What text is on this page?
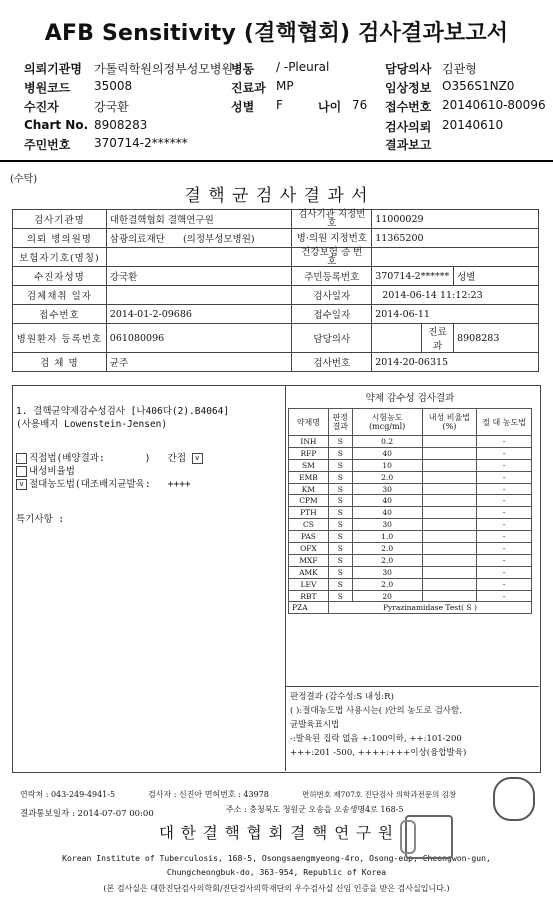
AFB Sensitivity (결핵협회) 검사결과보고서
의뢰기관명 가톨릭학원의정부성모병원
병동 / -Pleural	담당의사 김관형
병원코드 35008	진료과 MP	임상정보 O356S1NZ0
수진자	강국환	성별 F	나이 76 접수번호 20140610-80096
Chart No. 8908283	검사의뢰 20140610
주민번호 370714-2******	결과보고
(수탁)
결 핵 균 검 사 결 과 서
검사기관명	대한결핵협회 결핵연구원	검사기관 지정번호	11000029		
의뢰 병의원명	삼광의료재단 (의정부성모병원)	병·의원 지정번호	11365200		
보험자기호(명칭)		건강보험 증 번 호			
수진자성명	강국환	주민등록번호	370714-2******		성별
검체채취 일자		검사일자	2014-06-14 11:12:23		
접수번호	2014-01-2-09686	접수일자	2014-06-11		
병원환자 등록번호	061080096	담당의사		진료과	8908283
검 체 명	균주	검사번호	2014-20-06315		
1. 결핵균약제감수성검사 [나406다(2).B4064]
(사용배지 Lowenstein-Jensen)
직접법(배양결과:	) 간접 v
내성비율법
v 절대농도법(대조배지균발육: ++++
특기사항 :
약제 감수성 검사결과
약제명	판정 결과	시험농도 (mcg/ml)	내성 비율법(%)	절 대 농도법
INH	S	0.2		-
RFP	S	40		-
SM	S	10		-
EMB	S	2.0		-
KM	S	30		-
CPM	S	40		-
PTH	S	40		-
CS	S	30		-
PAS	S	1.0		-
OFX	S	2.0		-
MXF	S	2.0		-
AMK	S	30		-
LEV	S	2.0		-
RBT	S	20		-
PZA	Pyrazinamidase Test( S )			
판정결과 (감수성:S 내성:R)
( ):절대농도법 사용시는( )안의 농도로 검사함.
균발육표시법
-:발육된 집락 없음 +:100이하, ++:101-200
+++:201 -500, ++++:+++이상(융합발육)
연락처 : 043-249-4941-5	검사자 : 신진아 면허번호 : 43978	면허번호 제707호 진단검사 의학과전문의 김창
결과통보일자 : 2014-07-07 00:00	주소 : 충청북도 청원군 오송읍 오송생명4로 168-5
대 한 결 핵 협 회 결 핵 연 구 원
Korean Institute of Tuberculosis, 168-5, Osongsaengmyeong-4ro, Osong-eup, Cheongwon-gun,
Chungcheongbuk-do, 363-954, Republic of Korea
(본 검사실은 대한진단검사의학회/진단검사의학재단의 우수검사실 신임 인증을 받은 검사실입니다.)
